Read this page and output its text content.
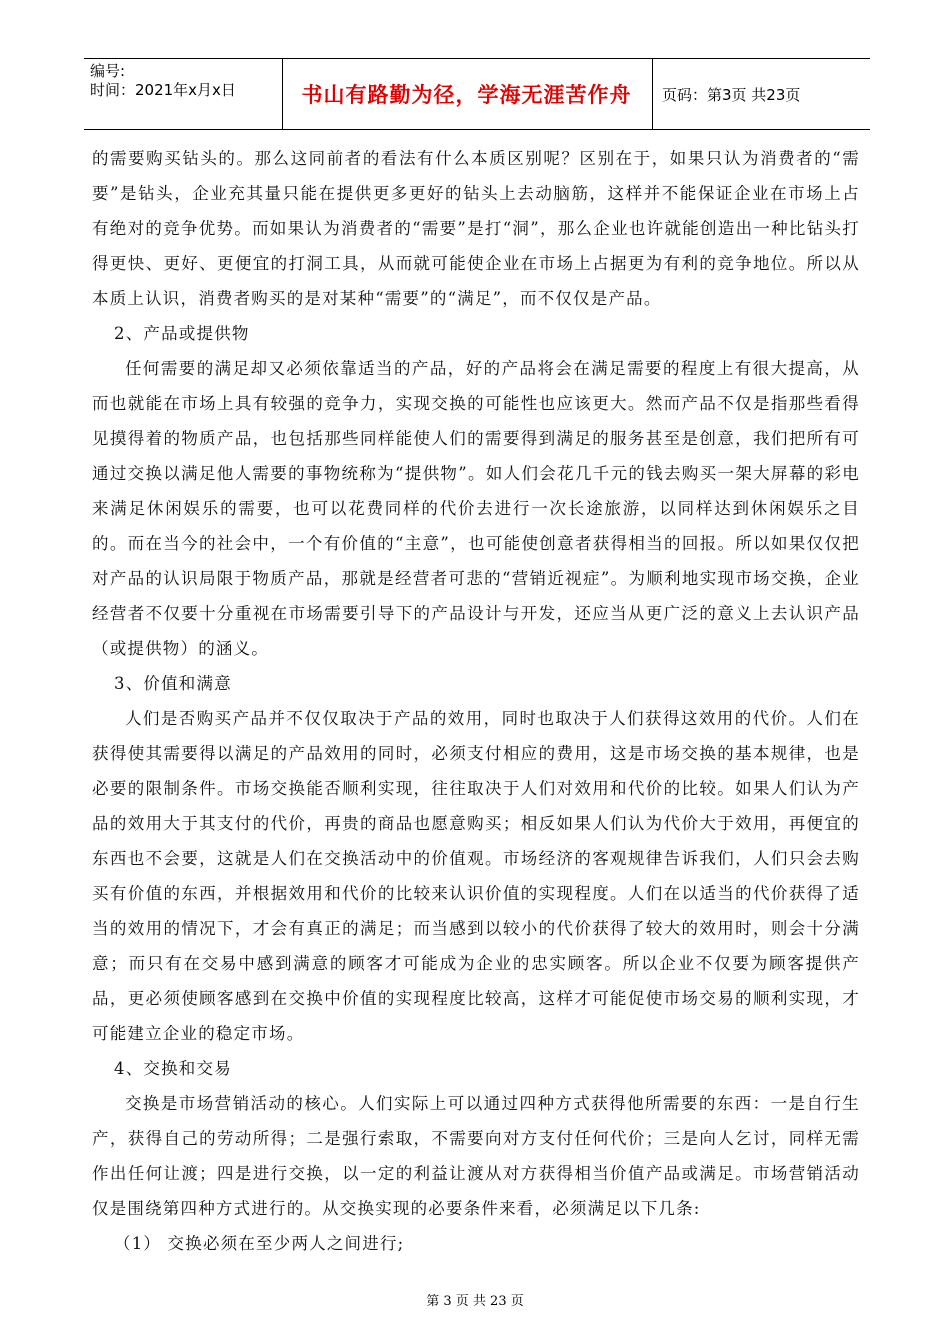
编号:
时间：2021年x月x日	书山有路勤为径，学海无涯苦作舟	页码：第3页 共23页

的需要购买钻头的。那么这同前者的看法有什么本质区别呢？区别在于，如果只认为消费者的“需要”是钻头，企业充其量只能在提供更多更好的钻头上去动脑筋，这样并不能保证企业在市场上占有绝对的竞争优势。而如果认为消费者的“需要”是打“洞”，那么企业也许就能创造出一种比钻头打得更快、更好、更便宜的打洞工具，从而就可能使企业在市场上占据更为有利的竞争地位。所以从本质上认识，消费者购买的是对某种“需要”的“满足”，而不仅仅是产品。

2、产品或提供物

任何需要的满足却又必须依靠适当的产品，好的产品将会在满足需要的程度上有很大提高，从而也就能在市场上具有较强的竞争力，实现交换的可能性也应该更大。然而产品不仅是指那些看得见摸得着的物质产品，也包括那些同样能使人们的需要得到满足的服务甚至是创意，我们把所有可通过交换以满足他人需要的事物统称为“提供物”。如人们会花几千元的钱去购买一架大屏幕的彩电来满足休闲娱乐的需要，也可以花费同样的代价去进行一次长途旅游，以同样达到休闲娱乐之目的。而在当今的社会中，一个有价值的“主意”，也可能使创意者获得相当的回报。所以如果仅仅把对产品的认识局限于物质产品，那就是经营者可悲的“营销近视症”。为顺利地实现市场交换，企业经营者不仅要十分重视在市场需要引导下的产品设计与开发，还应当从更广泛的意义上去认识产品（或提供物）的涵义。

3、价值和满意

人们是否购买产品并不仅仅取决于产品的效用，同时也取决于人们获得这效用的代价。人们在获得使其需要得以满足的产品效用的同时，必须支付相应的费用，这是市场交换的基本规律，也是必要的限制条件。市场交换能否顺利实现，往往取决于人们对效用和代价的比较。如果人们认为产品的效用大于其支付的代价，再贵的商品也愿意购买；相反如果人们认为代价大于效用，再便宜的东西也不会要，这就是人们在交换活动中的价值观。市场经济的客观规律告诉我们，人们只会去购买有价值的东西，并根据效用和代价的比较来认识价值的实现程度。人们在以适当的代价获得了适当的效用的情况下，才会有真正的满足；而当感到以较小的代价获得了较大的效用时，则会十分满意；而只有在交易中感到满意的顾客才可能成为企业的忠实顾客。所以企业不仅要为顾客提供产品，更必须使顾客感到在交换中价值的实现程度比较高，这样才可能促使市场交易的顺利实现，才可能建立企业的稳定市场。

4、交换和交易

交换是市场营销活动的核心。人们实际上可以通过四种方式获得他所需要的东西：一是自行生产，获得自己的劳动所得；二是强行索取，不需要向对方支付任何代价；三是向人乞讨，同样无需作出任何让渡；四是进行交换，以一定的利益让渡从对方获得相当价值产品或满足。市场营销活动仅是围绕第四种方式进行的。从交换实现的必要条件来看，必须满足以下几条:

（1） 交换必须在至少两人之间进行;

第 3 页 共 23 页
